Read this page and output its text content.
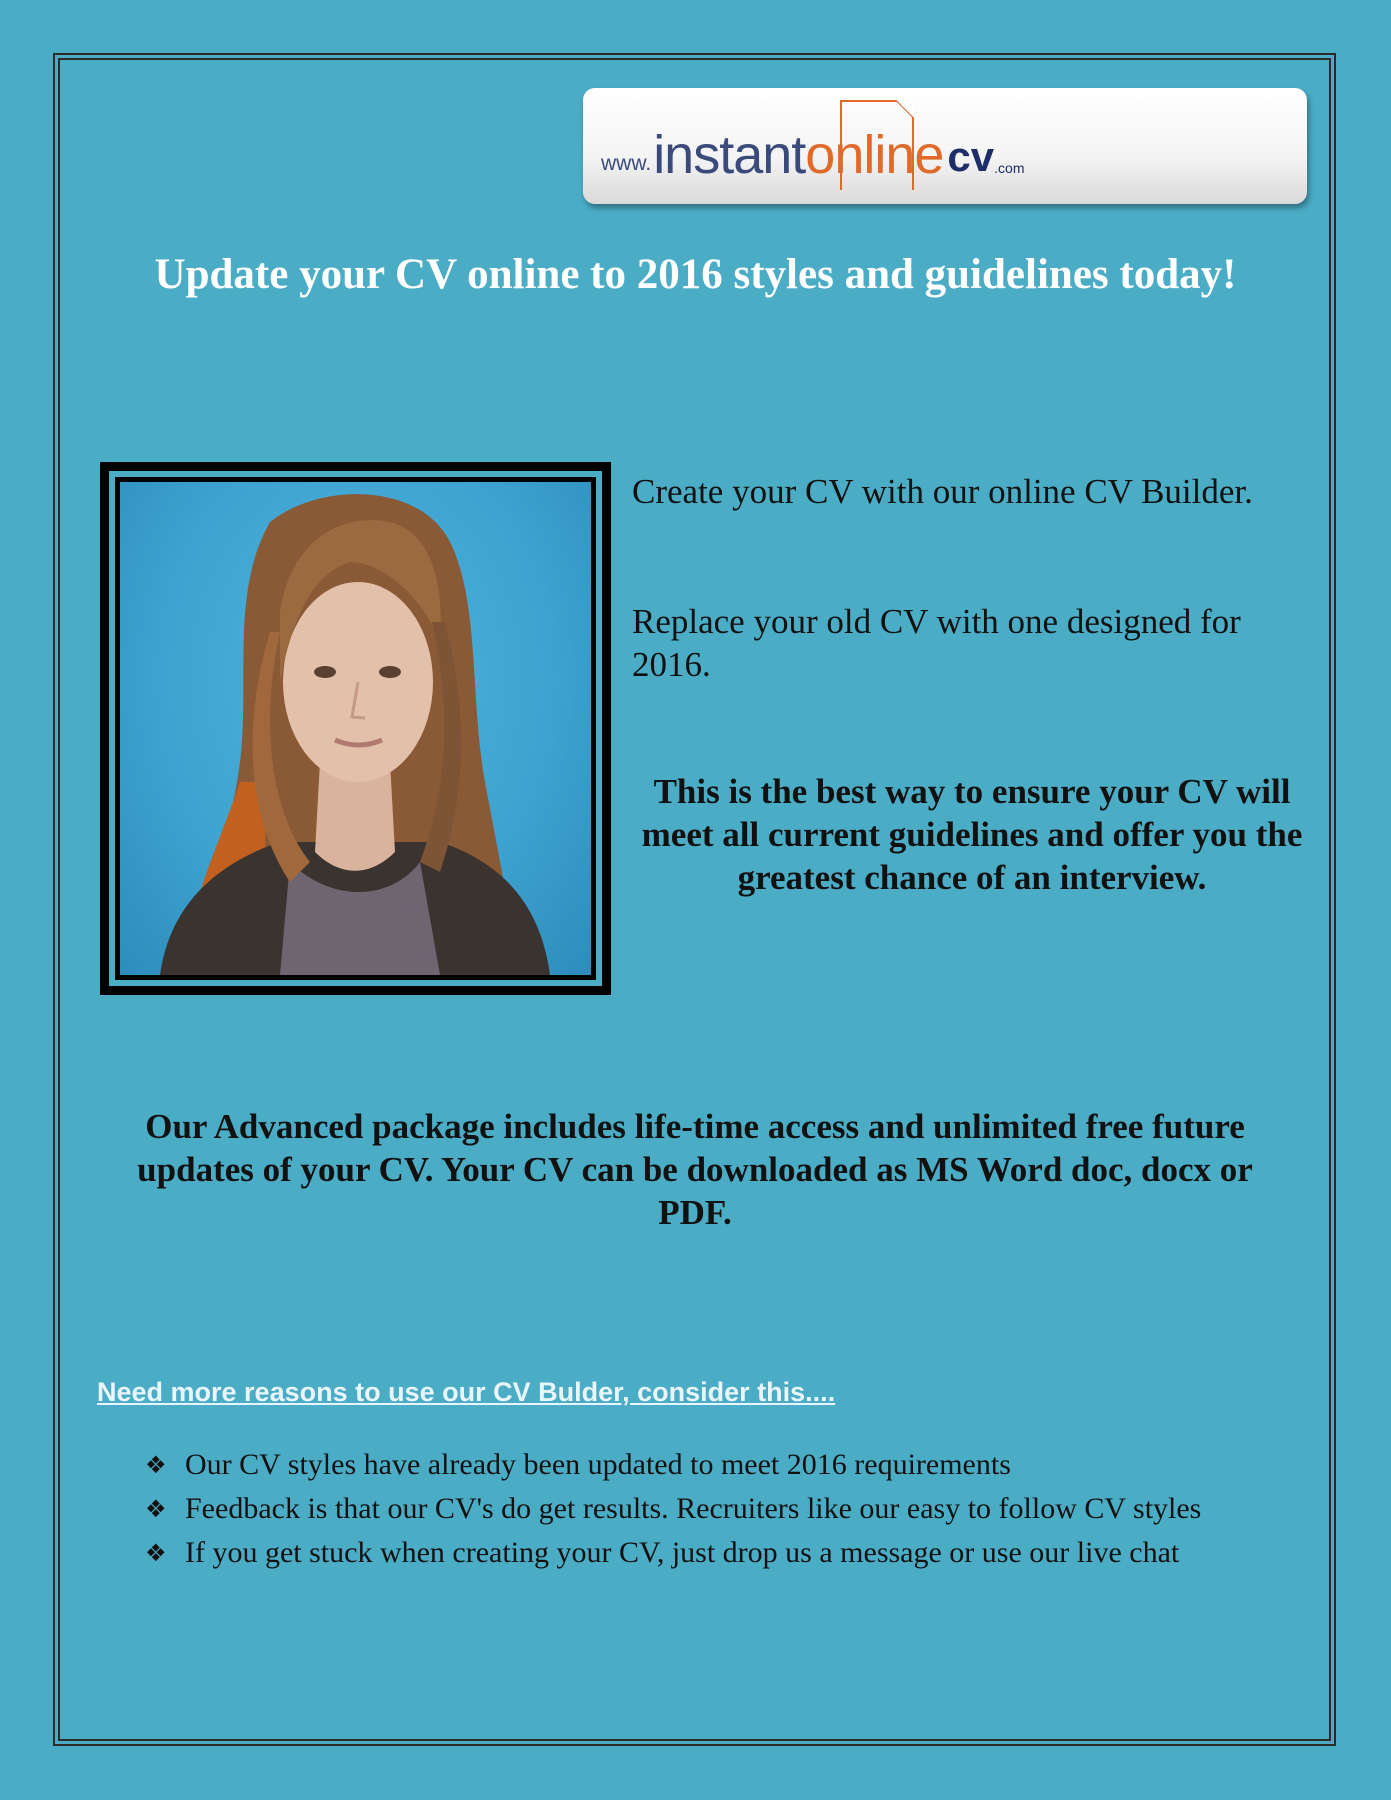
www. instant online cv .com
Update your CV online to 2016 styles and guidelines today!
Create your CV with our online CV Builder.
Replace your old CV with one designed for 2016.
This is the best way to ensure your CV will meet all current guidelines and offer you the greatest chance of an interview.
Our Advanced package includes life-time access and unlimited free future updates of your CV. Your CV can be downloaded as MS Word doc, docx or PDF.
Need more reasons to use our CV Bulder, consider this....
❖ Our CV styles have already been updated to meet 2016 requirements
❖ Feedback is that our CV's do get results. Recruiters like our easy to follow CV styles
❖ If you get stuck when creating your CV, just drop us a message or use our live chat
